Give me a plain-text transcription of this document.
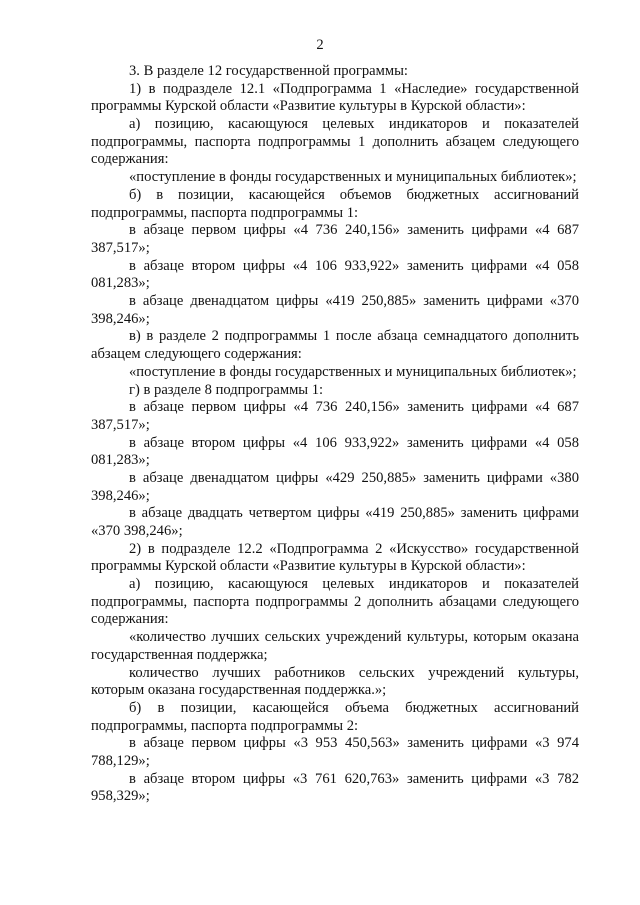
2

3. В разделе 12 государственной программы:

1) в подразделе 12.1 «Подпрограмма 1 «Наследие» государственной программы Курской области «Развитие культуры в Курской области»:

а) позицию, касающуюся целевых индикаторов и показателей подпрограммы, паспорта подпрограммы 1 дополнить абзацем следующего содержания:

«поступление в фонды государственных и муниципальных библиотек»;

б) в позиции, касающейся объемов бюджетных ассигнований подпрограммы, паспорта подпрограммы 1:

в абзаце первом цифры «4 736 240,156» заменить цифрами «4 687 387,517»;

в абзаце втором цифры «4 106 933,922» заменить цифрами «4 058 081,283»;

в абзаце двенадцатом цифры «419 250,885» заменить цифрами «370 398,246»;

в) в разделе 2 подпрограммы 1 после абзаца семнадцатого дополнить абзацем следующего содержания:

«поступление в фонды государственных и муниципальных библиотек»;

г) в разделе 8 подпрограммы 1:

в абзаце первом цифры «4 736 240,156» заменить цифрами «4 687 387,517»;

в абзаце втором цифры «4 106 933,922» заменить цифрами «4 058 081,283»;

в абзаце двенадцатом цифры «429 250,885» заменить цифрами «380 398,246»;

в абзаце двадцать четвертом цифры «419 250,885» заменить цифрами «370 398,246»;

2) в подразделе 12.2 «Подпрограмма 2 «Искусство» государственной программы Курской области «Развитие культуры в Курской области»:

а) позицию, касающуюся целевых индикаторов и показателей подпрограммы, паспорта подпрограммы 2 дополнить абзацами следующего содержания:

«количество лучших сельских учреждений культуры, которым оказана государственная поддержка;

количество лучших работников сельских учреждений культуры, которым оказана государственная поддержка.»;

б) в позиции, касающейся объема бюджетных ассигнований подпрограммы, паспорта подпрограммы 2:

в абзаце первом цифры «3 953 450,563» заменить цифрами «3 974 788,129»;

в абзаце втором цифры «3 761 620,763» заменить цифрами «3 782 958,329»;
